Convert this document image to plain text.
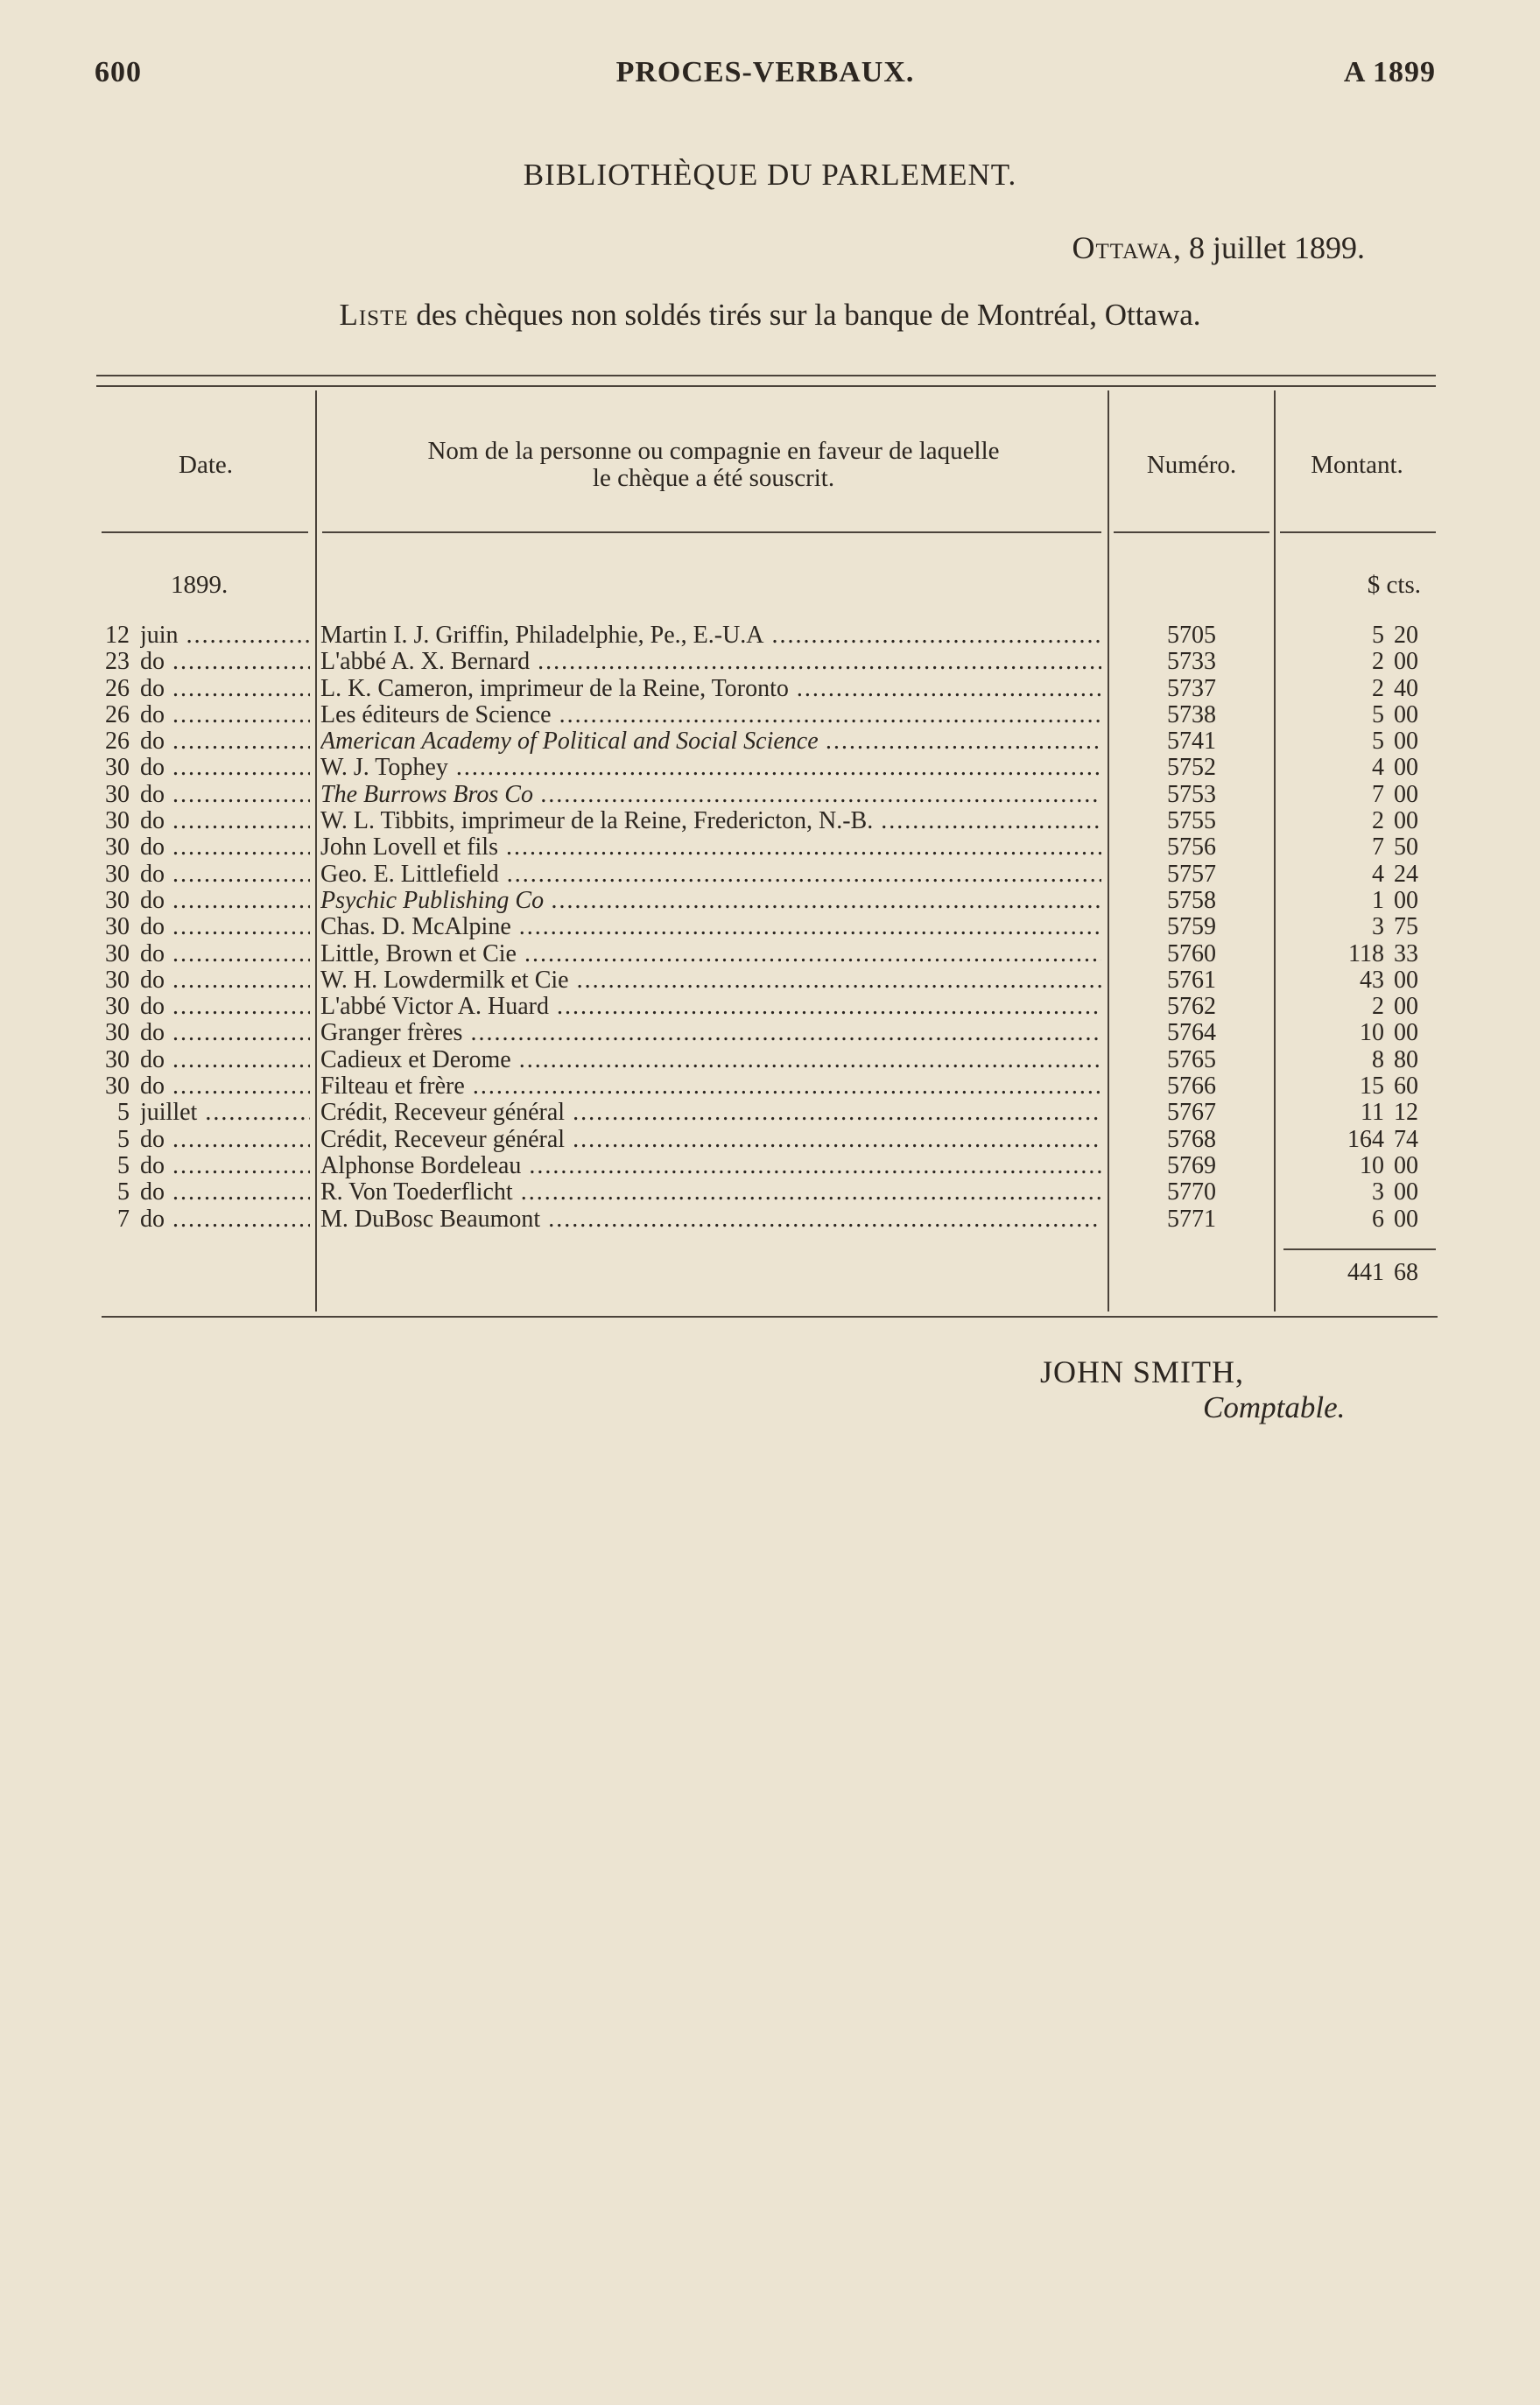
600	PROCES-VERBAUX.	A 1899
BIBLIOTHÈQUE DU PARLEMENT.
Ottawa, 8 juillet 1899.
Liste des chèques non soldés tirés sur la banque de Montréal, Ottawa.
Date.	Nom de la personne ou compagnie en faveur de laquelle
le chèque a été souscrit.	Numéro.	Montant.
1899.	$ cts.
12 juin .....	Martin I. J. Griffin, Philadelphie, Pe., E.-U.A .....	5705	5 20
23 do .....	L'abbé A. X. Bernard .....	5733	2 00
26 do .....	L. K. Cameron, imprimeur de la Reine, Toronto .....	5737	2 40
26 do .....	Les éditeurs de Science .....	5738	5 00
26 do .....	American Academy of Political and Social Science .....	5741	5 00
30 do .....	W. J. Tophey .....	5752	4 00
30 do .....	The Burrows Bros Co .....	5753	7 00
30 do .....	W. L. Tibbits, imprimeur de la Reine, Fredericton, N.-B. .....	5755	2 00
30 do .....	John Lovell et fils .....	5756	7 50
30 do .....	Geo. E. Littlefield .....	5757	4 24
30 do .....	Psychic Publishing Co .....	5758	1 00
30 do .....	Chas. D. McAlpine .....	5759	3 75
30 do .....	Little, Brown et Cie .....	5760	118 33
30 do .....	W. H. Lowdermilk et Cie .....	5761	43 00
30 do .....	L'abbé Victor A. Huard .....	5762	2 00
30 do .....	Granger frères .....	5764	10 00
30 do .....	Cadieux et Derome .....	5765	8 80
30 do .....	Filteau et frère .....	5766	15 60
5 juillet .....	Crédit, Receveur général .....	5767	11 12
5 do .....	Crédit, Receveur général .....	5768	164 74
5 do .....	Alphonse Bordeleau .....	5769	10 00
5 do .....	R. Von Toederflicht .....	5770	3 00
7 do .....	M. DuBosc Beaumont .....	5771	6 00
441 68
JOHN SMITH,
Comptable.
